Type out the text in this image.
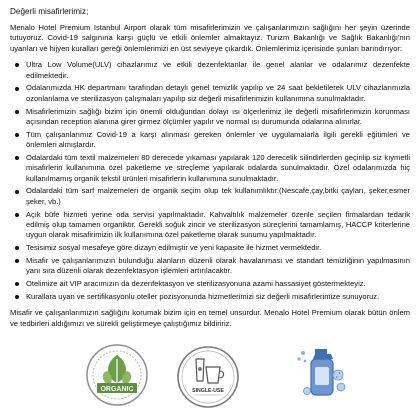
Değerli misafirlerimiz;

Menalo Hotel Premium Istanbul Airport olarak tüm misafirlerimizin ve çalışanlarımızın sağlığını her şeyin üzerinde tutuyoruz. Covid-19 salgınına karşı güçlü ve etkili önlemler almaktayız. Turizm Bakanlığı ve Sağlık Bakanlığı'nın uyarıları ve hijyen kuralları gereği önlemlerimizi en üst seviyeye çıkardık. Önlemlerimiz içerisinde şunları barındırıyor:

Ultra Low Volume(ULV) cihazlarımız ve etkili dezenfektanlar ile genel alanlar ve odalarımız dezenfekte edilmektedir.
Odalarımızda HK departmanı tarafından detaylı genel temizlik yapılıp ve 24 saat bekletilerek ULV cihazlarımızla ozonlanlama ve sterilizasyon çalışmaları yapılıp siz değerli misafirlerimizin kullanımına sunulmaktadır.
Misafirlerimizin sağlığı bizim için önemli olduğundan dolayı ısı ölçerlerimiz ile değerli misafirlerimizin korunması açısından reception alanına girer girmez ölçümler yapılır ve normal ısı durumunda odalarına alınırlar.
Tüm çalışanlarımız Covid-19 a karşı alınması gereken önlemler ve uygulamalarla ilgili gerekli eğitimleri ve önlemleri almışlardır.
Odalardaki tüm textil malzemeleri 80 derecede yıkaması yapılarak 120 derecelik silindirlerden geçirilip siz kıymetli misafirlerin kullanımına özel paketleme ve streçleme yapılarak odalarda sunulmaktadır. Özel odalarımızda hiç kullanılmamış organik tekstil ürünleri misafirlerin kullanımına sunulmaktadır.
Odalardaki tüm sarf malzemeleri de organik seçim olup tek kullanımlıktır.(Nescafe,çay,bitki çayları, şeker,esmer şeker, vb.)
Açık büfe hizmeti yerine oda servisi yapılmaktadır. Kahvaltılık malzemeler özenle seçilen firmalardan tedarik edilmiş olup tamamen organiktir. Gerekli soğuk zincir ve sterilizasyon süreçlerini tamamlamış, HACCP kriterlerine uygun olarak misafirimizin ilk kullanımına özel paketleme olarak sunumu yapılmaktadır.
Tesisimiz sosyal mesafeye göre dizayn edilmiştir ve yeni kapasite ile hizmet vermektedir.
Misafir ve çalışanlarımızın bulunduğu alanların düzenli olarak havalanması ve standart temizliğinin yapılmasının yanı sıra düzenli olarak dezenfektasyon işlemleri artırılacaktır.
Otelimize ait VIP aracımızın da dezenfektasyon ve sterilizasyonuna azami hassasiyet göstermekteyiz.
Kurallara uyan ve sertifikasyonlu oteller pozisyonunda hizmetlerimizi siz değerli misafirlerimize sunuyoruz.

Misafir ve çalışanlarımızın sağlığını korumak bizim için en temel unsurdur. Menalo Hotel Premium olarak bütün önlem ve tedbirleri aldığımızı ve sürekli geliştirmeye çalıştığımız bildiririz.

ORGANIC	SINGLE-USE
